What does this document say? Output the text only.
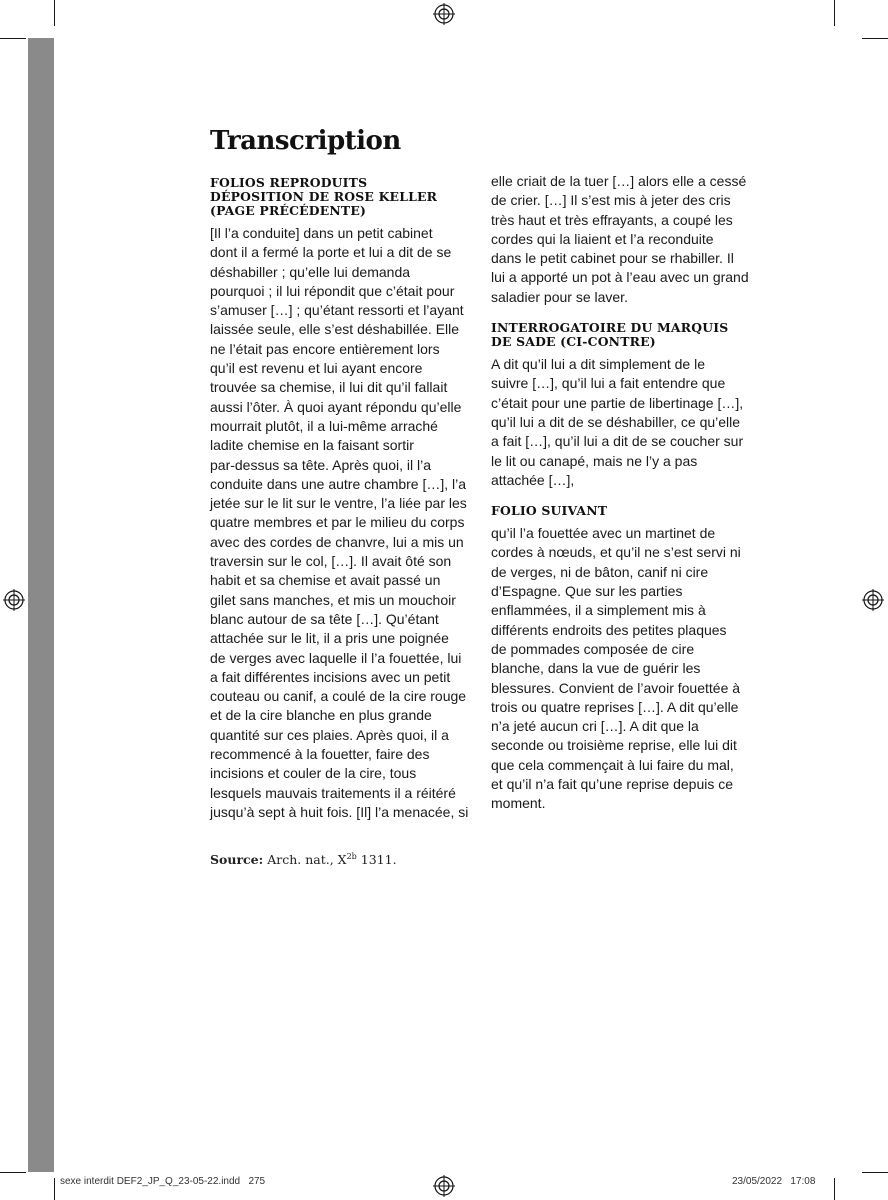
Transcription
FOLIOS REPRODUITS
DÉPOSITION DE ROSE KELLER
(PAGE PRÉCÉDENTE)

[Il l’a conduite] dans un petit cabinet
dont il a fermé la porte et lui a dit de se
déshabiller ; qu’elle lui demanda
pourquoi ; il lui répondit que c’était pour
s’amuser […] ; qu’étant ressorti et l’ayant
laissée seule, elle s’est déshabillée. Elle
ne l’était pas encore entièrement lors
qu’il est revenu et lui ayant encore
trouvée sa chemise, il lui dit qu’il fallait
aussi l’ôter. À quoi ayant répondu qu’elle
mourrait plutôt, il a lui-même arraché
ladite chemise en la faisant sortir
par-dessus sa tête. Après quoi, il l’a
conduite dans une autre chambre […], l’a
jetée sur le lit sur le ventre, l’a liée par les
quatre membres et par le milieu du corps
avec des cordes de chanvre, lui a mis un
traversin sur le col, […]. Il avait ôté son
habit et sa chemise et avait passé un
gilet sans manches, et mis un mouchoir
blanc autour de sa tête […]. Qu’étant
attachée sur le lit, il a pris une poignée
de verges avec laquelle il l’a fouettée, lui
a fait différentes incisions avec un petit
couteau ou canif, a coulé de la cire rouge
et de la cire blanche en plus grande
quantité sur ces plaies. Après quoi, il a
recommencé à la fouetter, faire des
incisions et couler de la cire, tous
lesquels mauvais traitements il a réitéré
jusqu’à sept à huit fois. [Il] l’a menacée, si

elle criait de la tuer […] alors elle a cessé
de crier. […] Il s’est mis à jeter des cris
très haut et très effrayants, a coupé les
cordes qui la liaient et l’a reconduite
dans le petit cabinet pour se rhabiller. Il
lui a apporté un pot à l’eau avec un grand
saladier pour se laver.

INTERROGATOIRE DU MARQUIS
DE SADE (CI-CONTRE)

A dit qu’il lui a dit simplement de le
suivre […], qu’il lui a fait entendre que
c’était pour une partie de libertinage […],
qu’il lui a dit de se déshabiller, ce qu’elle
a fait […], qu’il lui a dit de se coucher sur
le lit ou canapé, mais ne l’y a pas
attachée […],

FOLIO SUIVANT

qu’il l’a fouettée avec un martinet de
cordes à nœuds, et qu’il ne s’est servi ni
de verges, ni de bâton, canif ni cire
d’Espagne. Que sur les parties
enflammées, il a simplement mis à
différents endroits des petites plaques
de pommades composée de cire
blanche, dans la vue de guérir les
blessures. Convient de l’avoir fouettée à
trois ou quatre reprises […]. A dit qu’elle
n’a jeté aucun cri […]. A dit que la
seconde ou troisième reprise, elle lui dit
que cela commençait à lui faire du mal,
et qu’il n’a fait qu’une reprise depuis ce
moment.

Source: Arch. nat., $X^{2b}$ 1311.
sexe interdit DEF2_JP_Q_23-05-22.indd   275	23/05/2022   17:08
